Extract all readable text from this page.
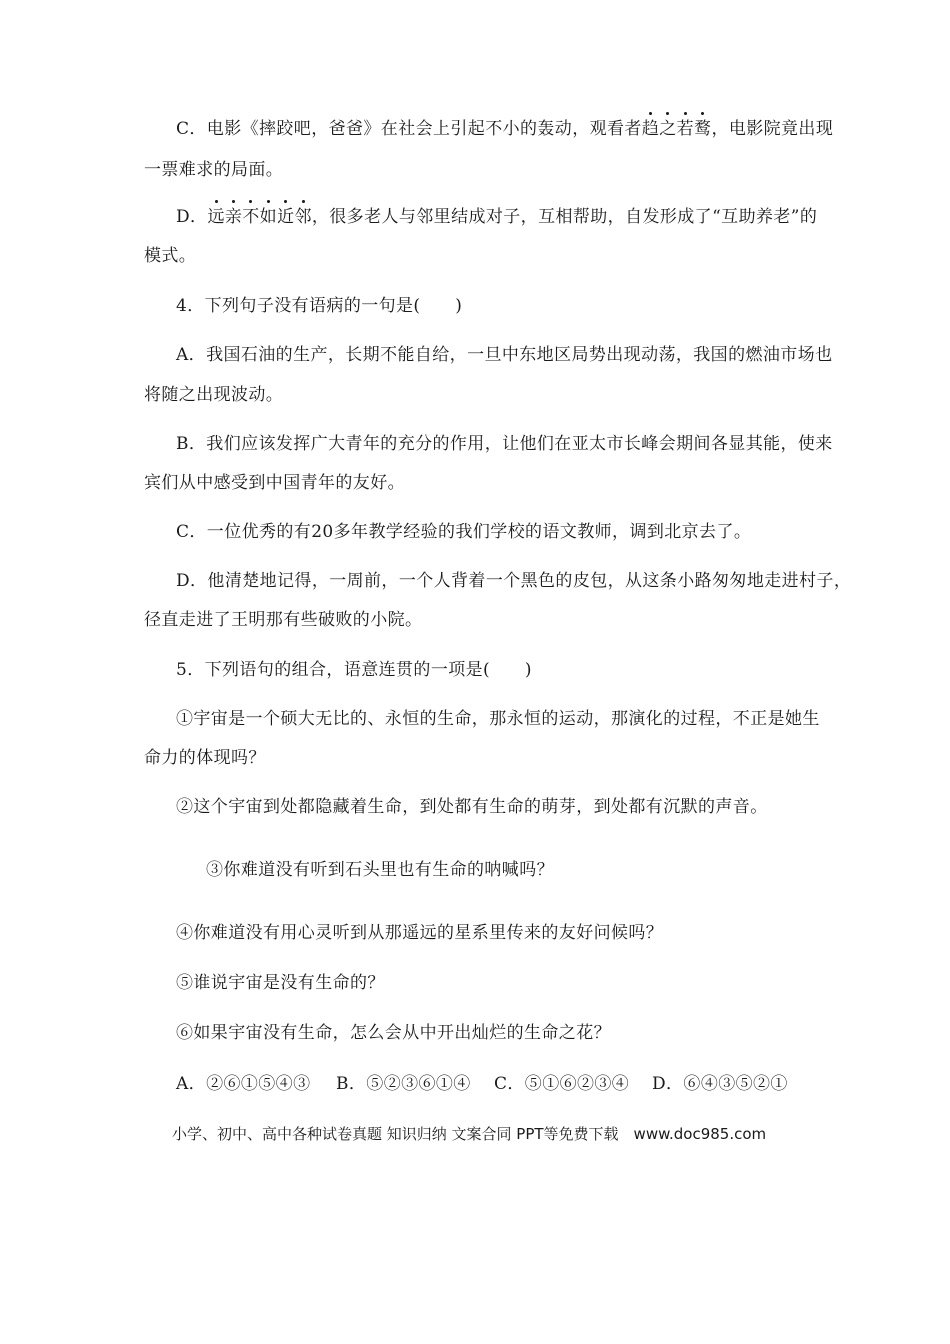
C．电影《摔跤吧，爸爸》在社会上引起不小的轰动，观看者趋之若鹜，电影院竟出现
一票难求的局面。
D．远亲不如近邻，很多老人与邻里结成对子，互相帮助，自发形成了“互助养老”的
模式。
4．下列句子没有语病的一句是(　　)
A．我国石油的生产，长期不能自给，一旦中东地区局势出现动荡，我国的燃油市场也
将随之出现波动。
B．我们应该发挥广大青年的充分的作用，让他们在亚太市长峰会期间各显其能，使来
宾们从中感受到中国青年的友好。
C．一位优秀的有20多年教学经验的我们学校的语文教师，调到北京去了。
D．他清楚地记得，一周前，一个人背着一个黑色的皮包，从这条小路匆匆地走进村子，
径直走进了王明那有些破败的小院。
5．下列语句的组合，语意连贯的一项是(　　)
①宇宙是一个硕大无比的、永恒的生命，那永恒的运动，那演化的过程，不正是她生
命力的体现吗？
②这个宇宙到处都隐藏着生命，到处都有生命的萌芽，到处都有沉默的声音。
③你难道没有听到石头里也有生命的呐喊吗？
④你难道没有用心灵听到从那遥远的星系里传来的友好问候吗？
⑤谁说宇宙是没有生命的？
⑥如果宇宙没有生命，怎么会从中开出灿烂的生命之花？
A．②⑥①⑤④③ B．⑤②③⑥①④ C．⑤①⑥②③④ D．⑥④③⑤②①
小学、初中、高中各种试卷真题 知识归纳 文案合同 PPT等免费下载　www.doc985.com
